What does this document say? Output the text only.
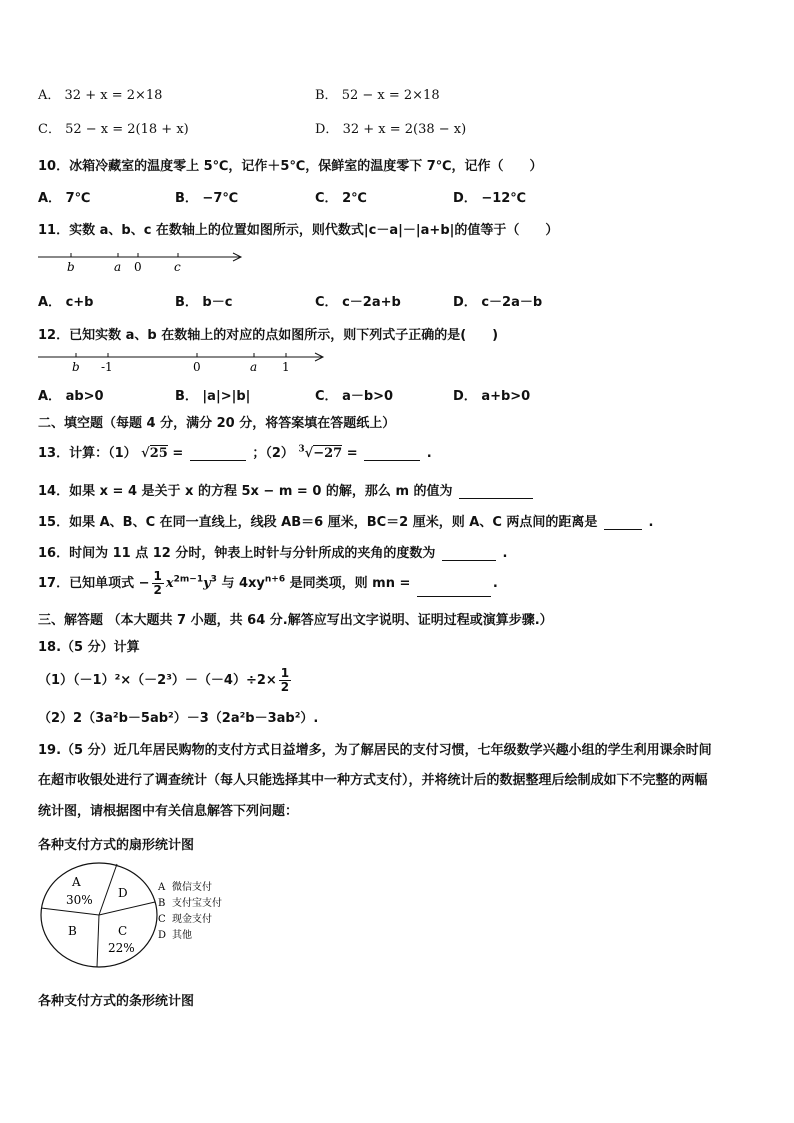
A． 32 + x = 2×18	B． 52 − x = 2×18
C． 52 − x = 2(18 + x)	D． 32 + x = 2(38 − x)
10．冰箱冷藏室的温度零上 5℃，记作＋5℃，保鲜室的温度零下 7℃，记作（　　）
A． 7℃	B． −7℃	C． 2℃	D． −12℃
11．实数 a、b、c 在数轴上的位置如图所示，则代数式|c－a|－|a+b|的值等于（　　）
b	a 0	c
A． c+b	B． b－c	C． c－2a+b	D． c－2a－b
12．已知实数 a、b 在数轴上的对应的点如图所示，则下列式子正确的是(　　)
b -1	0	a 1
A． ab>0	B． |a|>|b|	C． a－b>0	D． a+b>0
二、填空题（每题 4 分，满分 20 分，将答案填在答题纸上）
13．计算：（1） √25 =	；（2） $^3$√−27 =	.
14．如果 x = 4 是关于 x 的方程 5x − m = 0 的解，那么 m 的值为
15．如果 A、B、C 在同一直线上，线段 AB＝6 厘米，BC＝2 厘米，则 A、C 两点间的距离是	.
16．时间为 11 点 12 分时，钟表上时针与分针所成的夹角的度数为	.
17．已知单项式 − $\frac{1}{2} x^{2m-1}y^3$ 与 $4xy^{n+6}$ 是同类项，则 mn =	.
三、解答题 （本大题共 7 小题，共 64 分.解答应写出文字说明、证明过程或演算步骤.）
18.（5 分）计算
$(1)(-1)^2\times(-2^3)-(-4)\div 2\times \frac{1}{2}$
（2）2（3a²b－5ab²）－3（2a²b－3ab²）.
19.（5 分）近几年居民购物的支付方式日益增多，为了解居民的支付习惯，七年级数学兴趣小组的学生利用课余时间
在超市收银处进行了调查统计（每人只能选择其中一种方式支付），并将统计后的数据整理后绘制成如下不完整的两幅
统计图，请根据图中有关信息解答下列问题：
各种支付方式的扇形统计图
A
30%
B	C
22%
D	A 微信支付
B 支付宝支付
C 现金支付
D 其他
各种支付方式的条形统计图
